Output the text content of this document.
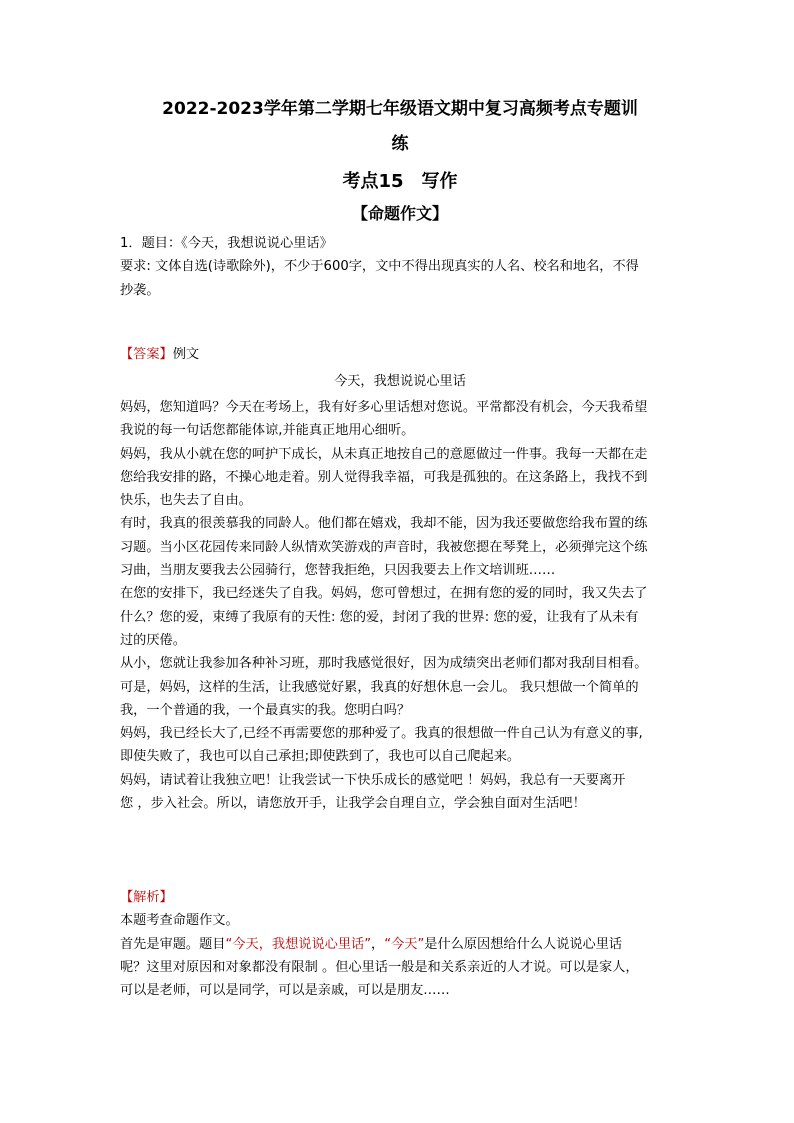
2022-2023学年第二学期七年级语文期中复习高频考点专题训
练
考点15　写作
【命题作文】

1．题目：《今天，我想说说心里话》

要求: 文体自选(诗歌除外)，不少于600字，文中不得出现真实的人名、校名和地名，不得

抄袭。

【答案】例文

今天，我想说说心里话

妈妈，您知道吗？今天在考场上，我有好多心里话想对您说。平常都没有机会，今天我希望

我说的每一句话您都能体谅,并能真正地用心细听。

妈妈，我从小就在您的呵护下成长，从未真正地按自己的意愿做过一件事。我每一天都在走

您给我安排的路，不操心地走着。别人觉得我幸福，可我是孤独的。在这条路上，我找不到

快乐，也失去了自由。

有时，我真的很羡慕我的同龄人。他们都在嬉戏，我却不能，因为我还要做您给我布置的练

习题。当小区花园传来同龄人纵情欢笑游戏的声音时，我被您摁在琴凳上，必须弹完这个练

习曲，当朋友要我去公园骑行，您替我拒绝，只因我要去上作文培训班……

在您的安排下，我已经迷失了自我。妈妈，您可曾想过，在拥有您的爱的同时，我又失去了

什么？您的爱，束缚了我原有的天性: 您的爱，封闭了我的世界: 您的爱，让我有了从未有

过的厌倦。

从小，您就让我参加各种补习班，那时我感觉很好，因为成绩突出老师们都对我刮目相看。

可是，妈妈，这样的生活，让我感觉好累，我真的好想休息一会儿。 我只想做一个简单的

我，一个普通的我，一个最真实的我。您明白吗？

妈妈，我已经长大了,已经不再需要您的那种爱了。我真的很想做一件自己认为有意义的事,

即使失败了，我也可以自己承担;即使跌到了，我也可以自己爬起来。

妈妈，请试着让我独立吧！让我尝试一下快乐成长的感觉吧 ！妈妈，我总有一天要离开

您 ，步入社会。所以，请您放开手，让我学会自理自立，学会独自面对生活吧！

【解析】

本题考查命题作文。

首先是审题。题目“今天，我想说说心里话”，“今天”是什么原因想给什么人说说心里话

呢？这里对原因和对象都没有限制 。但心里话一般是和关系亲近的人才说。可以是家人，

可以是老师，可以是同学，可以是亲戚，可以是朋友……
